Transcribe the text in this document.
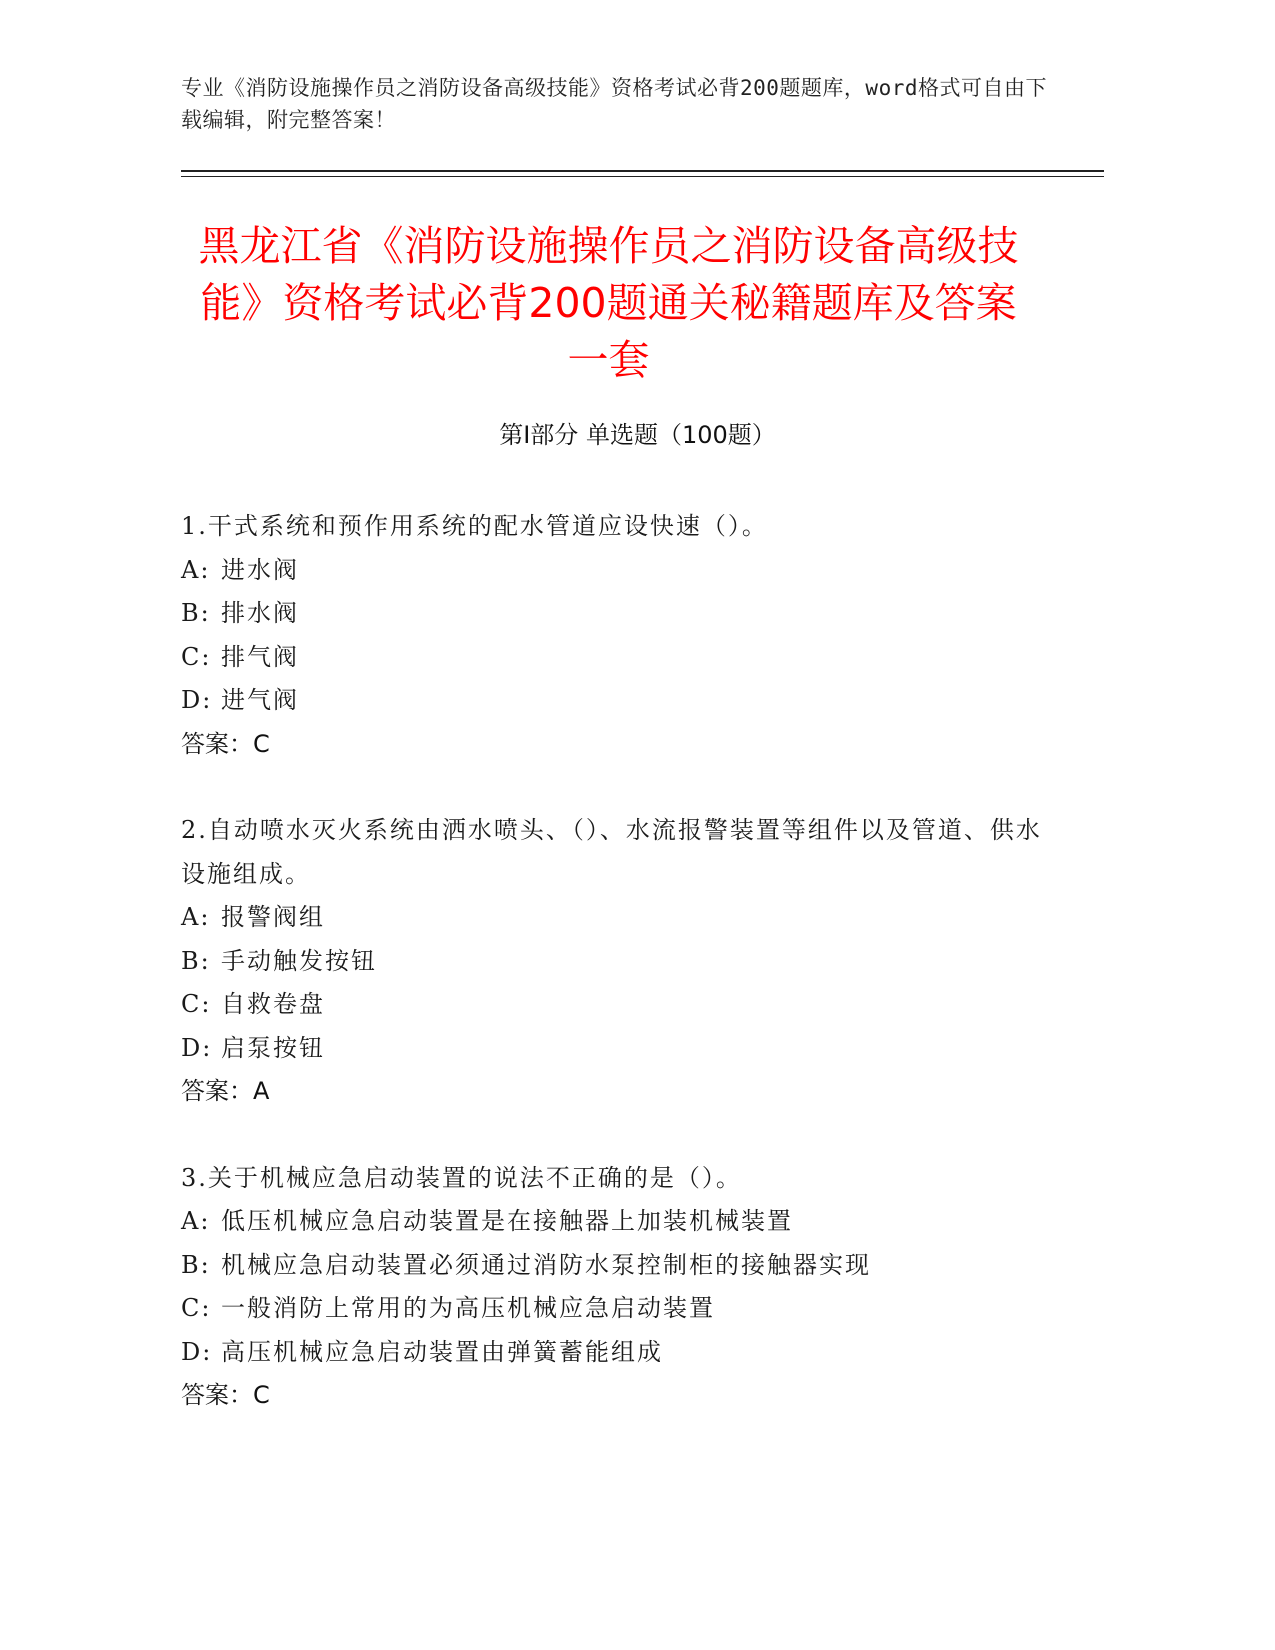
专业《消防设施操作员之消防设备高级技能》资格考试必背200题题库，word格式可自由下载编辑，附完整答案！
黑龙江省《消防设施操作员之消防设备高级技能》资格考试必背200题通关秘籍题库及答案一套
第Ⅰ部分 单选题（100题）
1.干式系统和预作用系统的配水管道应设快速（）。
A: 进水阀
B: 排水阀
C: 排气阀
D: 进气阀
答案：C
2.自动喷水灭火系统由洒水喷头、（）、水流报警装置等组件以及管道、供水设施组成。
A: 报警阀组
B: 手动触发按钮
C: 自救卷盘
D: 启泵按钮
答案：A
3.关于机械应急启动装置的说法不正确的是（）。
A: 低压机械应急启动装置是在接触器上加装机械装置
B: 机械应急启动装置必须通过消防水泵控制柜的接触器实现
C: 一般消防上常用的为高压机械应急启动装置
D: 高压机械应急启动装置由弹簧蓄能组成
答案：C
